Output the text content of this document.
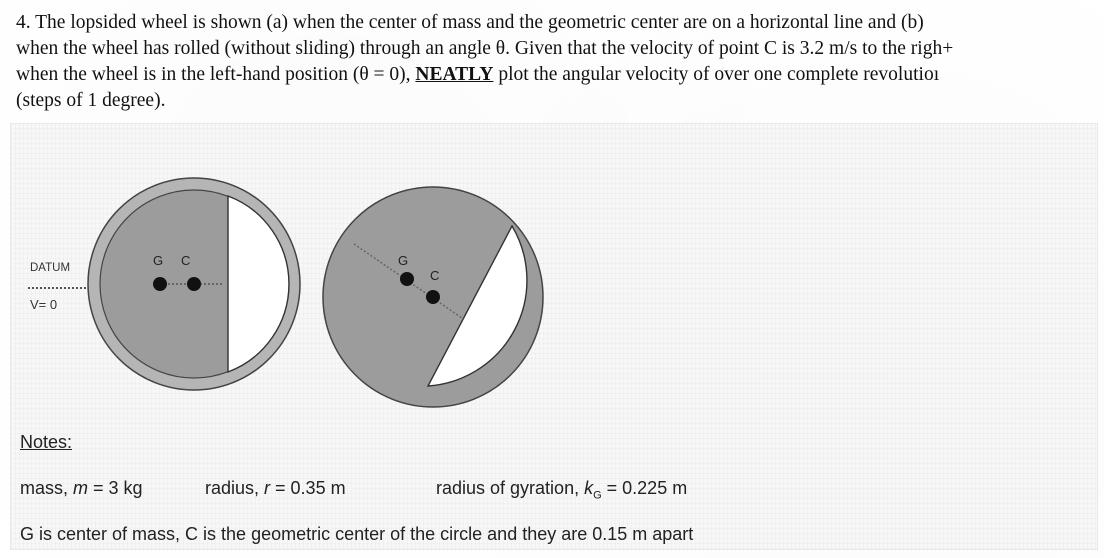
4. The lopsided wheel is shown (a) when the center of mass and the geometric center are on a horizontal line and (b)
when the wheel has rolled (without sliding) through an angle θ. Given that the velocity of point C is 3.2 m/s to the righ+
when the wheel is in the left-hand position (θ = 0), NEATLY plot the angular velocity of over one complete revolutioı
(steps of 1 degree).
DATUM
V= 0
G C	G
C
Notes:
mass, m = 3 kg	radius, r = 0.35 m	radius of gyration, $k_G = 0.225$ m
G is center of mass, C is the geometric center of the circle and they are 0.15 m apart
